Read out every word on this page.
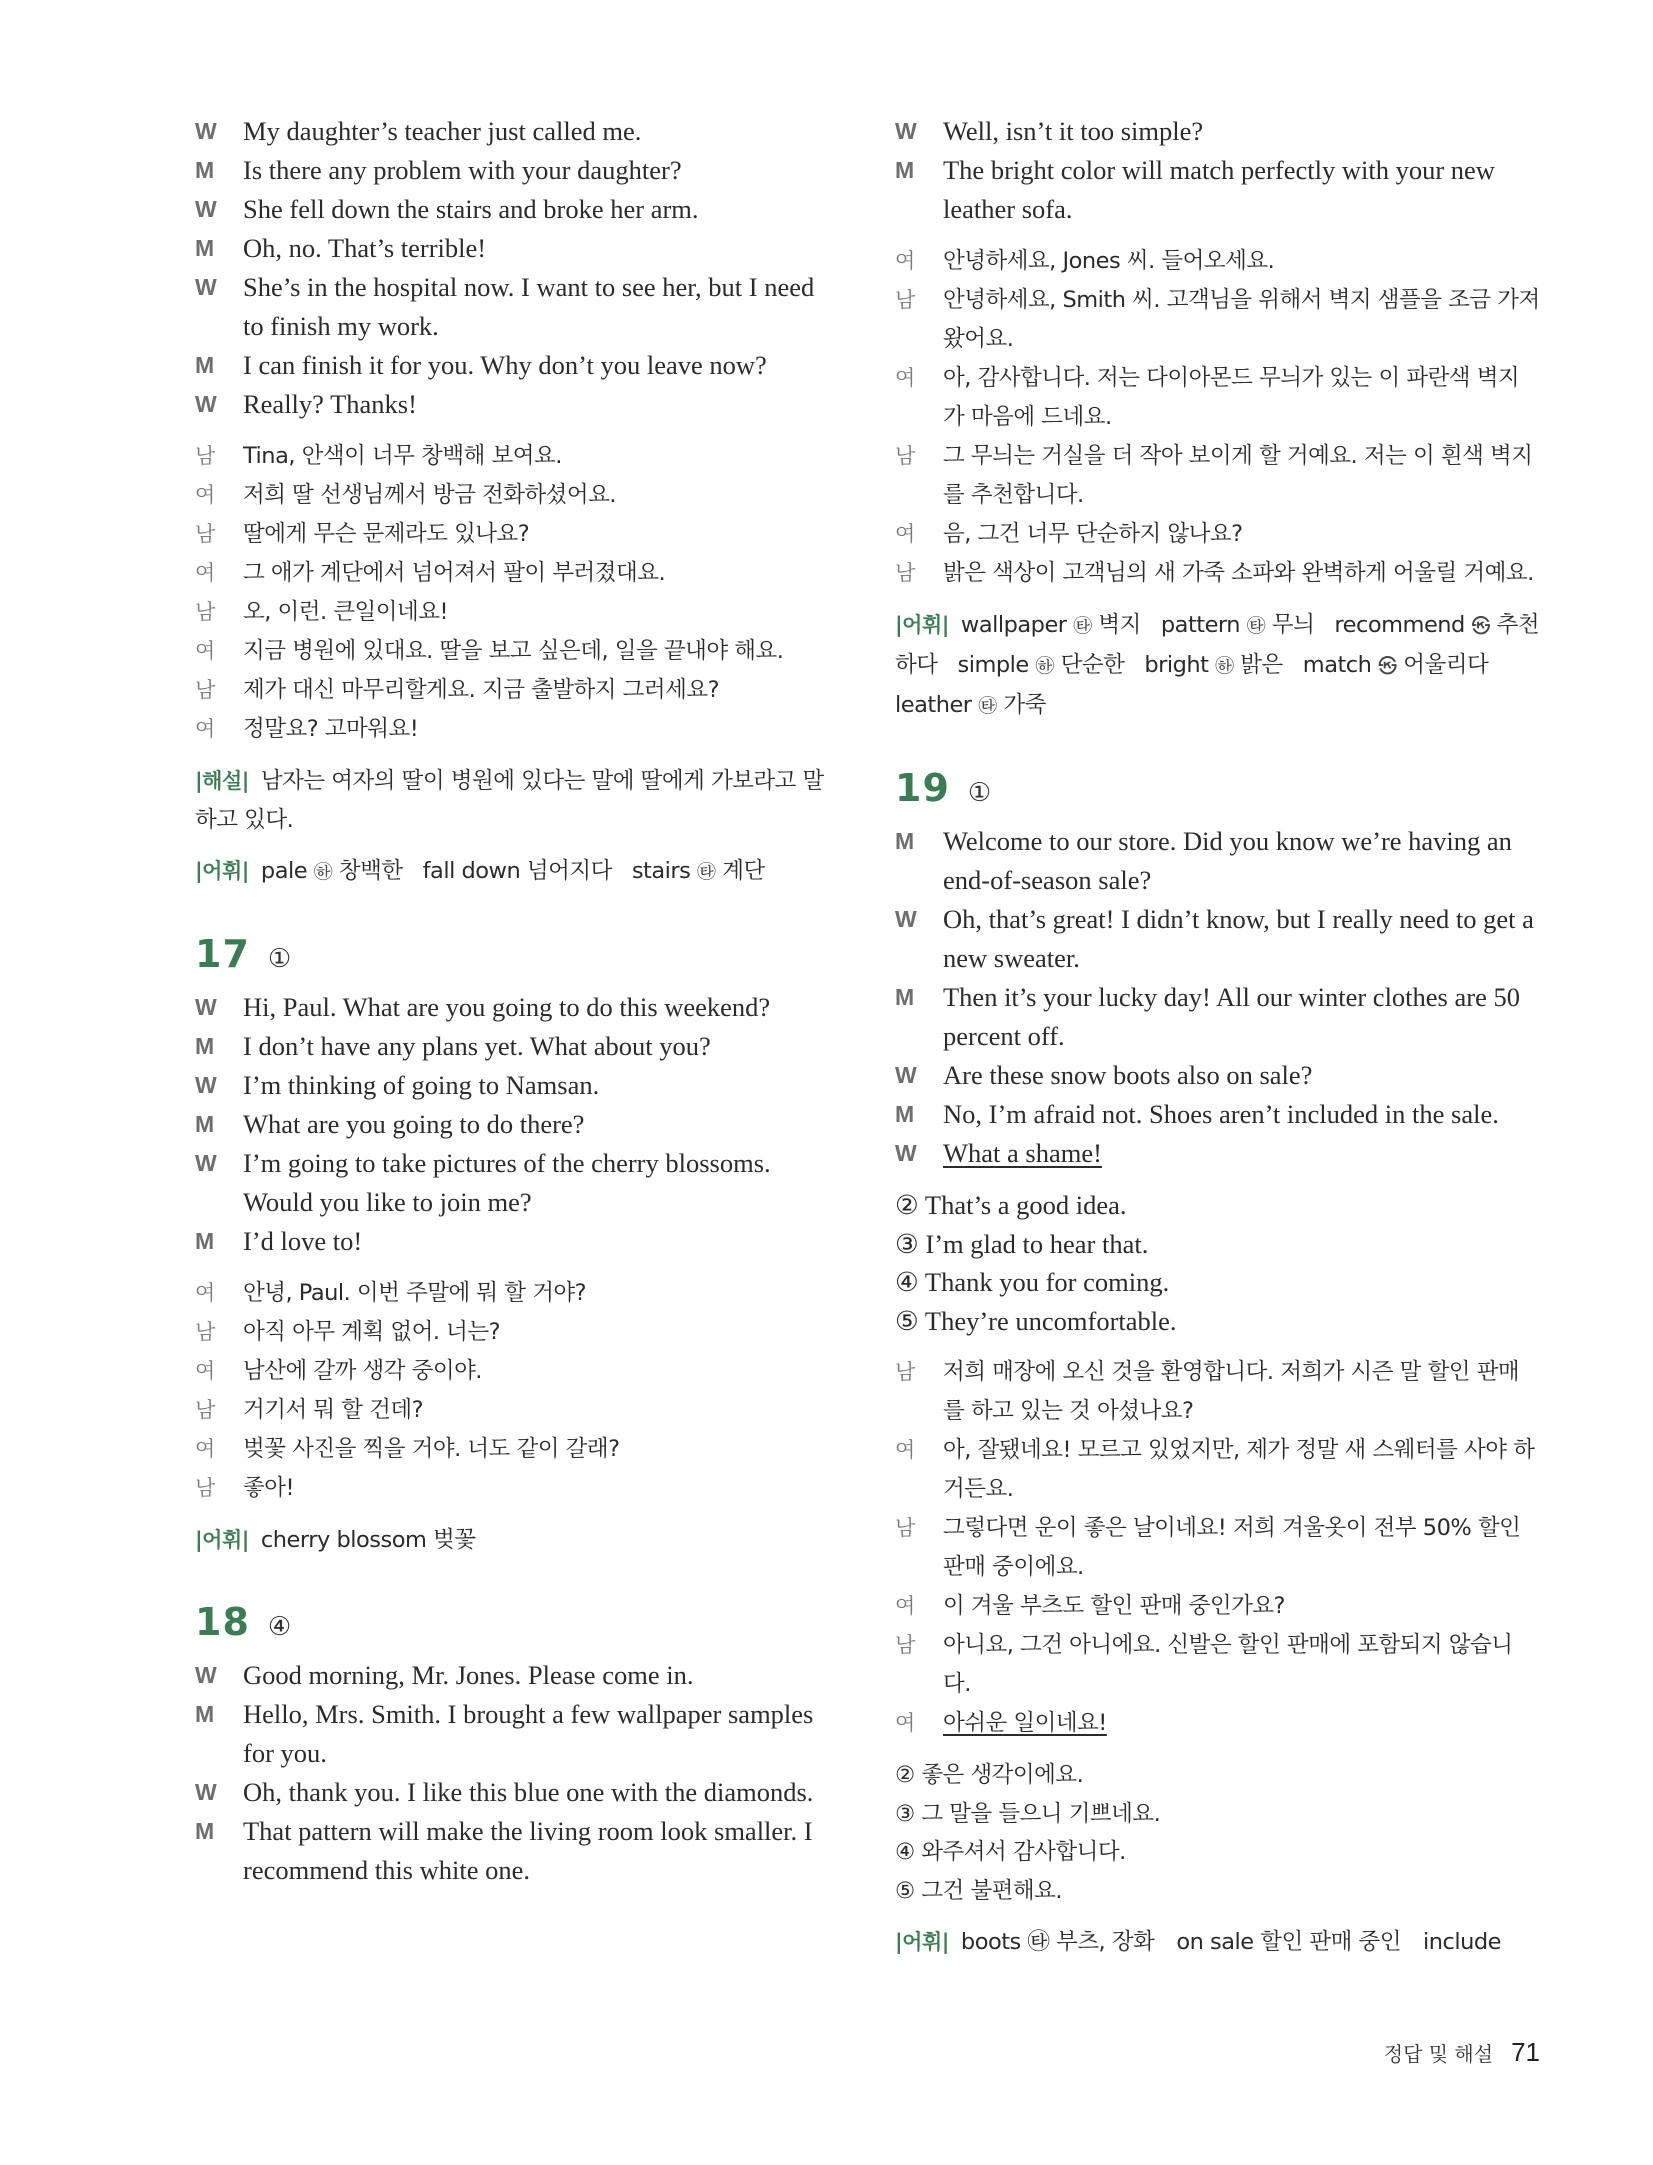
W My daughter’s teacher just called me.
M	Is there any problem with your daughter?
W She fell down the stairs and broke her arm.
M	Oh, no. That’s terrible!
W She’s in the hospital now. I want to see her, but I need to finish my work.
M	I can finish it for you. Why don’t you leave now?
W Really? Thanks!
남	Tina, 안색이 너무 창백해 보여요.
여	저희 딸 선생님께서 방금 전화하셨어요.
남	딸에게 무슨 문제라도 있나요?
여	그 애가 계단에서 넘어져서 팔이 부러졌대요.
남	오, 이런. 큰일이네요!
여	지금 병원에 있대요. 딸을 보고 싶은데, 일을 끝내야 해요.
남	제가 대신 마무리할게요. 지금 출발하지 그러세요?
여	정말요? 고마워요!
|해설| 남자는 여자의 딸이 병원에 있다는 말에 딸에게 가보라고 말하고 있다.
|어휘| pale ㉻ 창백한 fall down 넘어지다 stairs ㉹ 계단
17 ①
W Hi, Paul. What are you going to do this weekend?
M	I don’t have any plans yet. What about you?
W I’m thinking of going to Namsan.
M	What are you going to do there?
W I’m going to take pictures of the cherry blossoms. Would you like to join me?
M	I’d love to!
여	안녕, Paul. 이번 주말에 뭐 할 거야?
남	아직 아무 계획 없어. 너는?
여	남산에 갈까 생각 중이야.
남	거기서 뭐 할 건데?
여	벚꽃 사진을 찍을 거야. 너도 같이 갈래?
남	좋아!
|어휘| cherry blossom 벚꽃
18 ④
W Good morning, Mr. Jones. Please come in.
M	Hello, Mrs. Smith. I brought a few wallpaper samples for you.
W Oh, thank you. I like this blue one with the diamonds.
M	That pattern will make the living room look smaller. I recommend this white one.
W Well, isn’t it too simple?
M	The bright color will match perfectly with your new leather sofa.
여	안녕하세요, Jones 씨. 들어오세요.
남	안녕하세요, Smith 씨. 고객님을 위해서 벽지 샘플을 조금 가져왔어요.
여	아, 감사합니다. 저는 다이아몬드 무늬가 있는 이 파란색 벽지가 마음에 드네요.
남	그 무늬는 거실을 더 작아 보이게 할 거예요. 저는 이 흰색 벽지를 추천합니다.
여	음, 그건 너무 단순하지 않나요?
남	밝은 색상이 고객님의 새 가죽 소파와 완벽하게 어울릴 거예요.
|어휘| wallpaper ㉹ 벽지 pattern ㉹ 무늬 recommend ㉿ 추천하다 simple ㉻ 단순한 bright ㉻ 밝은 match ㉿ 어울리다leather ㉹ 가죽
19 ①
M	Welcome to our store. Did you know we’re having an end-of-season sale?
W Oh, that’s great! I didn’t know, but I really need to get a new sweater.
M	Then it’s your lucky day! All our winter clothes are 50 percent off.
W Are these snow boots also on sale?
M	No, I’m afraid not. Shoes aren’t included in the sale.
W What a shame!
② That’s a good idea.
③ I’m glad to hear that.
④ Thank you for coming.
⑤ They’re uncomfortable.
남	저희 매장에 오신 것을 환영합니다. 저희가 시즌 말 할인 판매를 하고 있는 것 아셨나요?
여	아, 잘됐네요! 모르고 있었지만, 제가 정말 새 스웨터를 사야 하거든요.
남	그렇다면 운이 좋은 날이네요! 저희 겨울옷이 전부 50% 할인 판매 중이에요.
여	이 겨울 부츠도 할인 판매 중인가요?
남	아니요, 그건 아니에요. 신발은 할인 판매에 포함되지 않습니다.
여	아쉬운 일이네요!
② 좋은 생각이에요.
③ 그 말을 들으니 기쁘네요.
④ 와주셔서 감사합니다.
⑤ 그건 불편해요.
|어휘| boots ㉹ 부츠, 장화　on sale 할인 판매 중인　include
정답 및 해설 71
